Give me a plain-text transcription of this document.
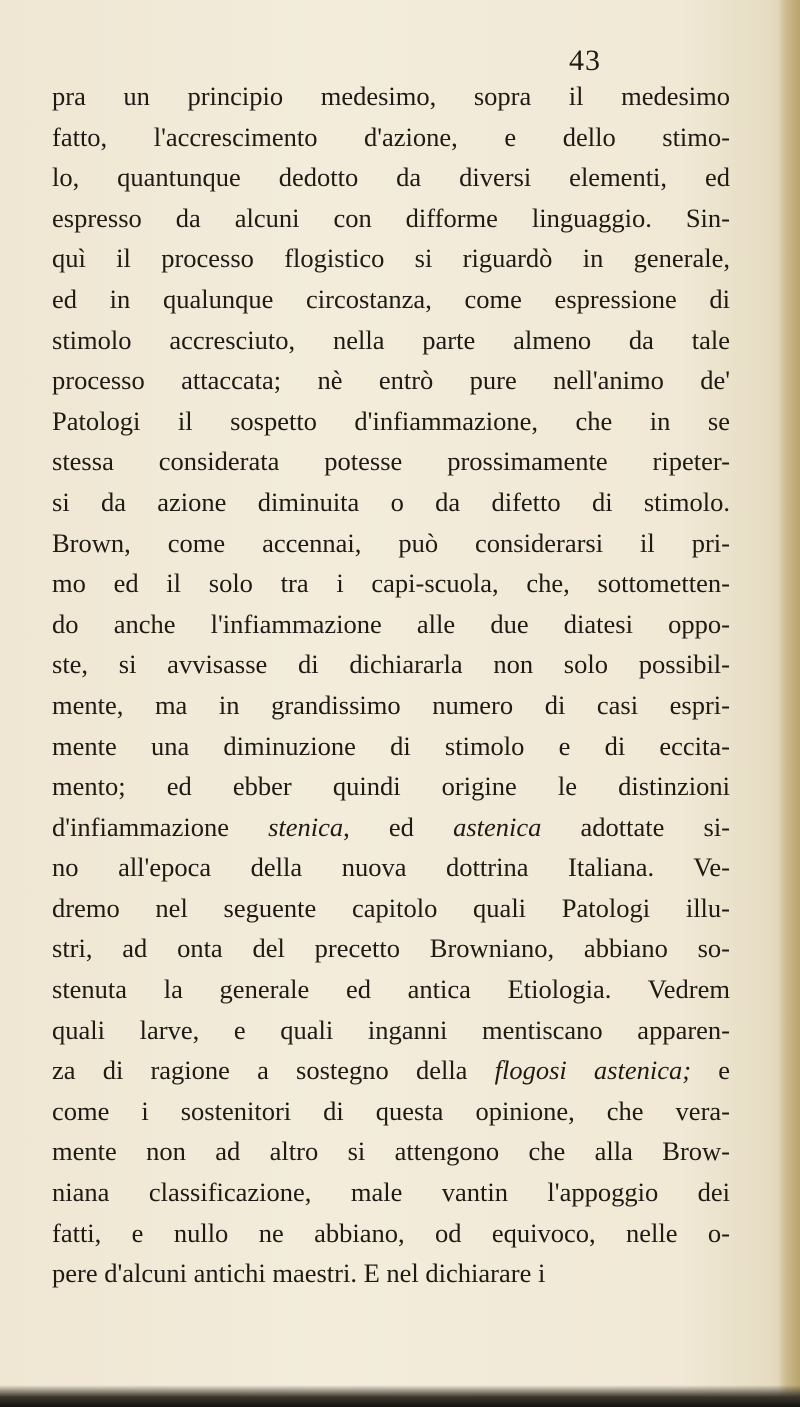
43
pra un principio medesimo, sopra il medesimo
fatto, l'accrescimento d'azione, e dello stimo-
lo, quantunque dedotto da diversi elementi, ed
espresso da alcuni con difforme linguaggio. Sin-
quì il processo flogistico si riguardò in generale,
ed in qualunque circostanza, come espressione di
stimolo accresciuto, nella parte almeno da tale
processo attaccata; nè entrò pure nell'animo de'
Patologi il sospetto d'infiammazione, che in se
stessa considerata potesse prossimamente ripeter-
si da azione diminuita o da difetto di stimolo.
Brown, come accennai, può considerarsi il pri-
mo ed il solo tra i capi-scuola, che, sottometten-
do anche l'infiammazione alle due diatesi oppo-
ste, si avvisasse di dichiararla non solo possibil-
mente, ma in grandissimo numero di casi espri-
mente una diminuzione di stimolo e di eccita-
mento; ed ebber quindi origine le distinzioni
d'infiammazione stenica, ed astenica adottate si-
no all'epoca della nuova dottrina Italiana. Ve-
dremo nel seguente capitolo quali Patologi illu-
stri, ad onta del precetto Browniano, abbiano so-
stenuta la generale ed antica Etiologia. Vedrem
quali larve, e quali inganni mentiscano apparen-
za di ragione a sostegno della flogosi astenica; e
come i sostenitori di questa opinione, che vera-
mente non ad altro si attengono che alla Brow-
niana classificazione, male vantin l'appoggio dei
fatti, e nullo ne abbiano, od equivoco, nelle o-
pere d'alcuni antichi maestri. E nel dichiarare i
